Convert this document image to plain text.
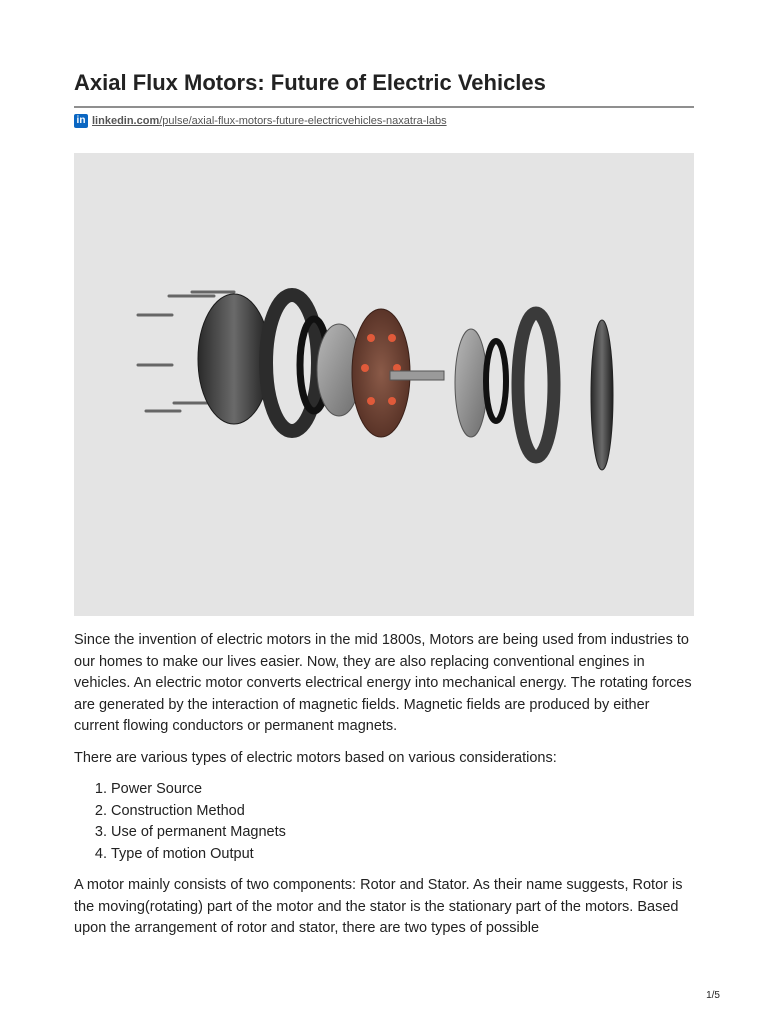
Axial Flux Motors: Future of Electric Vehicles
in linkedin.com/pulse/axial-flux-motors-future-electricvehicles-naxatra-labs

Since the invention of electric motors in the mid 1800s, Motors are being used from industries to our homes to make our lives easier. Now, they are also replacing conventional engines in vehicles. An electric motor converts electrical energy into mechanical energy. The rotating forces are generated by the interaction of magnetic fields. Magnetic fields are produced by either current flowing conductors or permanent magnets.

There are various types of electric motors based on various considerations:

1. Power Source
2. Construction Method
3. Use of permanent Magnets
4. Type of motion Output

A motor mainly consists of two components: Rotor and Stator. As their name suggests, Rotor is the moving(rotating) part of the motor and the stator is the stationary part of the motors. Based upon the arrangement of rotor and stator, there are two types of possible

1/5
